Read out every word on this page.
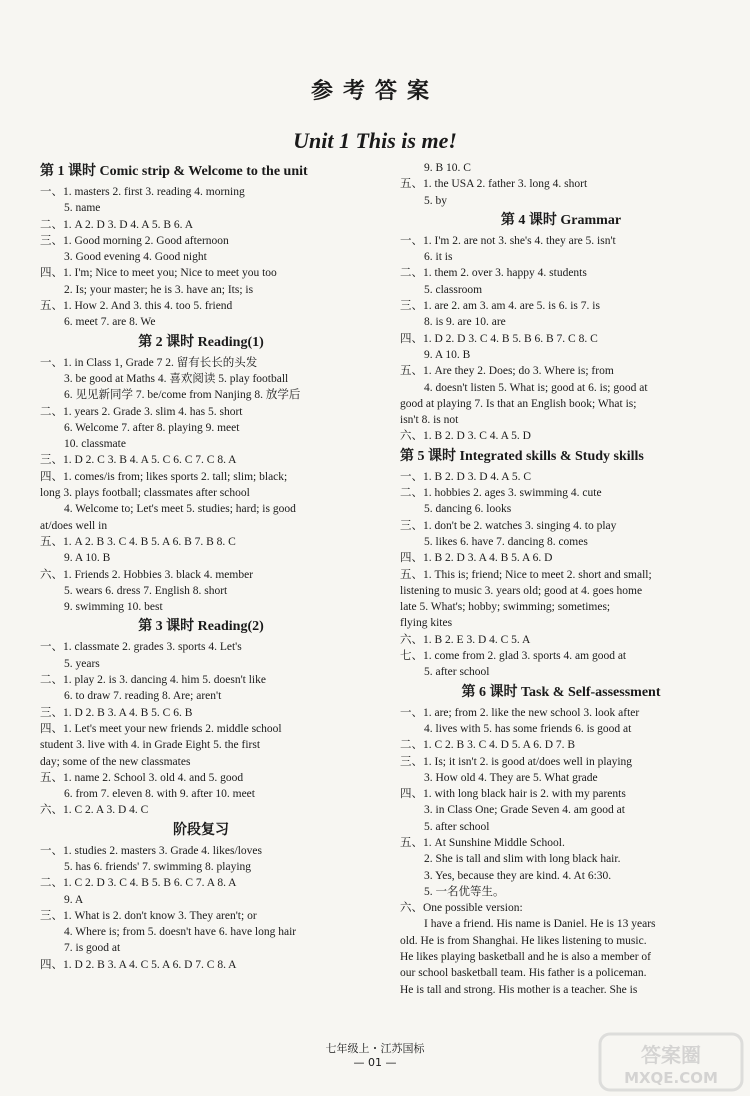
参考答案
Unit 1 This is me!
第 1 课时 Comic strip & Welcome to the unit
一、1. masters 2. first 3. reading 4. morning
5. name
二、1. A 2. D 3. D 4. A 5. B 6. A
三、1. Good morning 2. Good afternoon
3. Good evening 4. Good night
四、1. I'm; Nice to meet you; Nice to meet you too
2. Is; your master; he is 3. have an; Its; is
五、1. How 2. And 3. this 4. too 5. friend
6. meet 7. are 8. We
第 2 课时 Reading(1)
一、1. in Class 1, Grade 7 2. 留有长长的头发
3. be good at Maths 4. 喜欢阅读 5. play football
6. 见见新同学 7. be/come from Nanjing 8. 放学后
二、1. years 2. Grade 3. slim 4. has 5. short
6. Welcome 7. after 8. playing 9. meet
10. classmate
三、1. D 2. C 3. B 4. A 5. C 6. C 7. C 8. A
四、1. comes/is from; likes sports 2. tall; slim; black;
long 3. plays football; classmates after school
4. Welcome to; Let's meet 5. studies; hard; is good
at/does well in
五、1. A 2. B 3. C 4. B 5. A 6. B 7. B 8. C
9. A 10. B
六、1. Friends 2. Hobbies 3. black 4. member
5. wears 6. dress 7. English 8. short
9. swimming 10. best
第 3 课时 Reading(2)
一、1. classmate 2. grades 3. sports 4. Let's
5. years
二、1. play 2. is 3. dancing 4. him 5. doesn't like
6. to draw 7. reading 8. Are; aren't
三、1. D 2. B 3. A 4. B 5. C 6. B
四、1. Let's meet your new friends 2. middle school
student 3. live with 4. in Grade Eight 5. the first
day; some of the new classmates
五、1. name 2. School 3. old 4. and 5. good
6. from 7. eleven 8. with 9. after 10. meet
六、1. C 2. A 3. D 4. C
阶段复习
一、1. studies 2. masters 3. Grade 4. likes/loves
5. has 6. friends' 7. swimming 8. playing
二、1. C 2. D 3. C 4. B 5. B 6. C 7. A 8. A
9. A
三、1. What is 2. don't know 3. They aren't; or
4. Where is; from 5. doesn't have 6. have long hair
7. is good at
四、1. D 2. B 3. A 4. C 5. A 6. D 7. C 8. A
9. B 10. C
五、1. the USA 2. father 3. long 4. short
5. by
第 4 课时 Grammar
一、1. I'm 2. are not 3. she's 4. they are 5. isn't
6. it is
二、1. them 2. over 3. happy 4. students
5. classroom
三、1. are 2. am 3. am 4. are 5. is 6. is 7. is
8. is 9. are 10. are
四、1. D 2. D 3. C 4. B 5. B 6. B 7. C 8. C
9. A 10. B
五、1. Are they 2. Does; do 3. Where is; from
4. doesn't listen 5. What is; good at 6. is; good at
good at playing 7. Is that an English book; What is;
isn't 8. is not
六、1. B 2. D 3. C 4. A 5. D
第 5 课时 Integrated skills & Study skills
一、1. B 2. D 3. D 4. A 5. C
二、1. hobbies 2. ages 3. swimming 4. cute
5. dancing 6. looks
三、1. don't be 2. watches 3. singing 4. to play
5. likes 6. have 7. dancing 8. comes
四、1. B 2. D 3. A 4. B 5. A 6. D
五、1. This is; friend; Nice to meet 2. short and small;
listening to music 3. years old; good at 4. goes home
late 5. What's; hobby; swimming; sometimes;
flying kites
六、1. B 2. E 3. D 4. C 5. A
七、1. come from 2. glad 3. sports 4. am good at
5. after school
第 6 课时 Task & Self-assessment
一、1. are; from 2. like the new school 3. look after
4. lives with 5. has some friends 6. is good at
二、1. C 2. B 3. C 4. D 5. A 6. D 7. B
三、1. Is; it isn't 2. is good at/does well in playing
3. How old 4. They are 5. What grade
四、1. with long black hair is 2. with my parents
3. in Class One; Grade Seven 4. am good at
5. after school
五、1. At Sunshine Middle School.
2. She is tall and slim with long black hair.
3. Yes, because they are kind. 4. At 6:30.
5. 一名优等生。
六、One possible version:
I have a friend. His name is Daniel. He is 13 years
old. He is from Shanghai. He likes listening to music.
He likes playing basketball and he is also a member of
our school basketball team. His father is a policeman.
He is tall and strong. His mother is a teacher. She is
七年级上・江苏国标
— 01 —	答案圈
MXQE.COM
